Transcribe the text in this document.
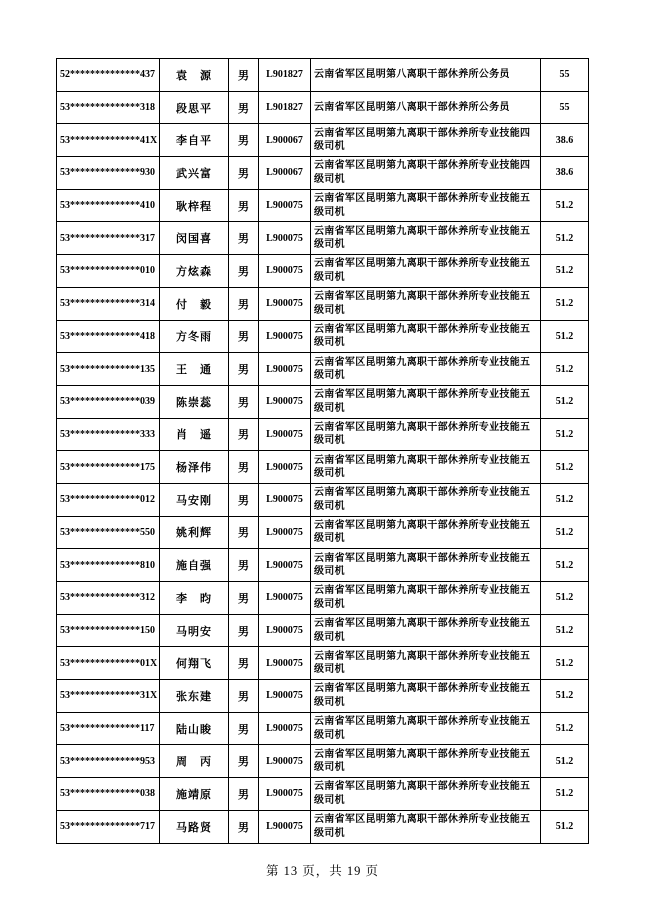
52**************437	袁　源	男	L901827	云南省军区昆明第八离职干部休养所公务员	55
53**************318	段思平	男	L901827	云南省军区昆明第八离职干部休养所公务员	55
53**************41X	李自平	男	L900067	云南省军区昆明第九离职干部休养所专业技能四级司机	38.6
53**************930	武兴富	男	L900067	云南省军区昆明第九离职干部休养所专业技能四级司机	38.6
53**************410	耿梓程	男	L900075	云南省军区昆明第九离职干部休养所专业技能五级司机	51.2
53**************317	闵国喜	男	L900075	云南省军区昆明第九离职干部休养所专业技能五级司机	51.2
53**************010	方炫森	男	L900075	云南省军区昆明第九离职干部休养所专业技能五级司机	51.2
53**************314	付　毅	男	L900075	云南省军区昆明第九离职干部休养所专业技能五级司机	51.2
53**************418	方冬雨	男	L900075	云南省军区昆明第九离职干部休养所专业技能五级司机	51.2
53**************135	王　通	男	L900075	云南省军区昆明第九离职干部休养所专业技能五级司机	51.2
53**************039	陈崇蕊	男	L900075	云南省军区昆明第九离职干部休养所专业技能五级司机	51.2
53**************333	肖　遥	男	L900075	云南省军区昆明第九离职干部休养所专业技能五级司机	51.2
53**************175	杨泽伟	男	L900075	云南省军区昆明第九离职干部休养所专业技能五级司机	51.2
53**************012	马安刚	男	L900075	云南省军区昆明第九离职干部休养所专业技能五级司机	51.2
53**************550	姚利辉	男	L900075	云南省军区昆明第九离职干部休养所专业技能五级司机	51.2
53**************810	施自强	男	L900075	云南省军区昆明第九离职干部休养所专业技能五级司机	51.2
53**************312	李　昀	男	L900075	云南省军区昆明第九离职干部休养所专业技能五级司机	51.2
53**************150	马明安	男	L900075	云南省军区昆明第九离职干部休养所专业技能五级司机	51.2
53**************01X	何翔飞	男	L900075	云南省军区昆明第九离职干部休养所专业技能五级司机	51.2
53**************31X	张东建	男	L900075	云南省军区昆明第九离职干部休养所专业技能五级司机	51.2
53**************117	陆山睃	男	L900075	云南省军区昆明第九离职干部休养所专业技能五级司机	51.2
53**************953	周　丙	男	L900075	云南省军区昆明第九离职干部休养所专业技能五级司机	51.2
53**************038	施靖原	男	L900075	云南省军区昆明第九离职干部休养所专业技能五级司机	51.2
53**************717	马路贤	男	L900075	云南省军区昆明第九离职干部休养所专业技能五级司机	51.2
第 13 页，共 19 页
